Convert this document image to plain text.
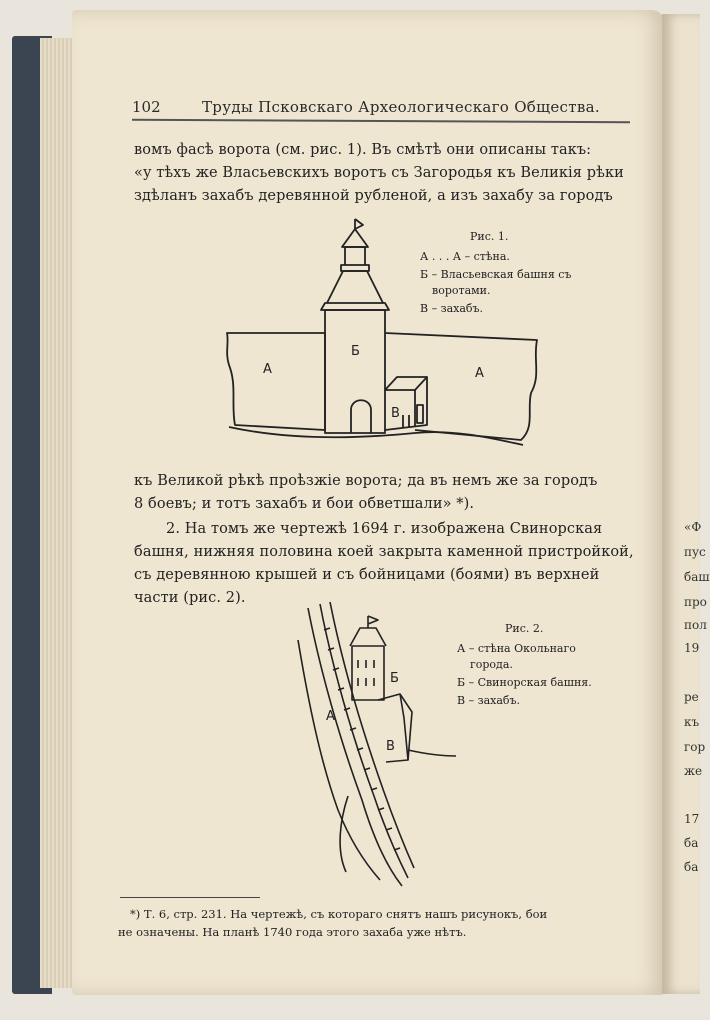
«Ф
пус
баш
про
пол
19
ре
къ
гор
же
17
ба
ба
102	Труды Псковскаго Археологическаго Общества.
вомъ фасѣ ворота (см. рис. 1). Въ смѣтѣ они описаны такъ:
«у тѣхъ же Власьевскихъ воротъ съ Загородья къ Великiя рѣки
здѣланъ захабъ деревянной рубленой, а изъ захабу за городъ
А
Б
В
А
Рис. 1.
А . . . А – стѣна.
Б – Власьевская башня съ
воротами.
В – захабъ.
къ Великой рѣкѣ проѣзжiе ворота; да въ немъ же за городъ
8 боевъ; и тотъ захабъ и бои обветшали» *).
2. На томъ же чертежѣ 1694 г. изображена Свинорская
башня, нижняя половина коей закрыта каменной пристройкой,
съ деревянною крышей и съ бойницами (боями) въ верхней
части (рис. 2).
А
Б
В
Рис. 2.
А – стѣна Окольнаго
города.
Б – Свинорская башня.
В – захабъ.
*) Т. 6, стр. 231. На чертежѣ, съ котораго снятъ нашъ рисунокъ, бои
не означены. На планѣ 1740 года этого захаба уже нѣтъ.
